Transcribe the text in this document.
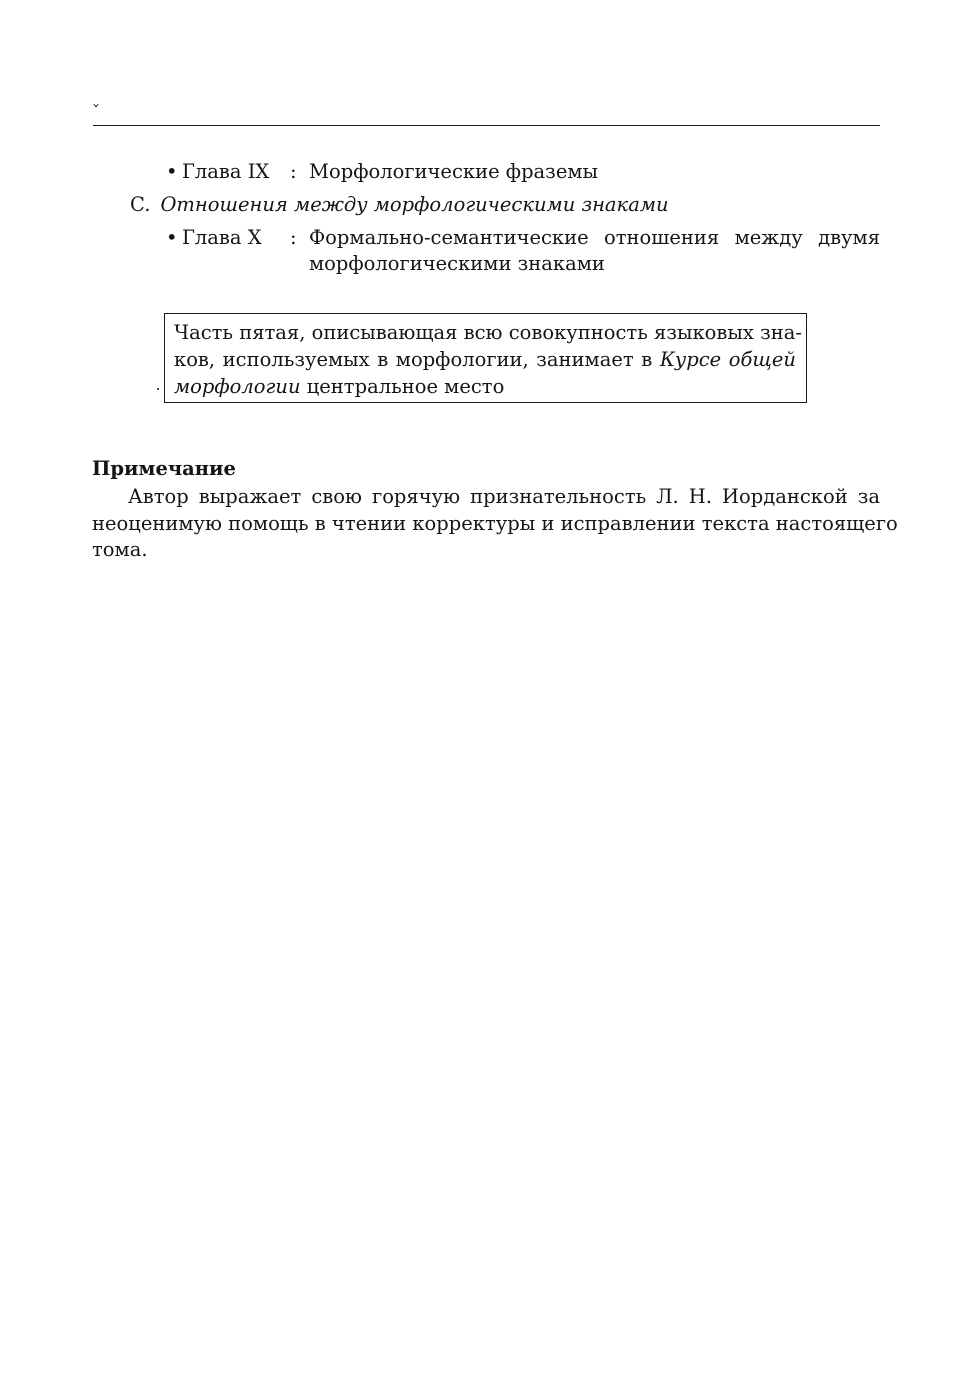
ˇ
• Глава IX : Морфологические фраземы
C. Отношения между морфологическими знаками
• Глава X : Формально-семантические отношения между двумя
морфологическими знаками
Часть пятая, описывающая всю совокупность языковых зна-
ков, используемых в морфологии, занимает в Курсе общей
морфологии центральное место
Примечание
Автор выражает свою горячую признательность Л. Н. Иорданской за
неоценимую помощь в чтении корректуры и исправлении текста настоящего
тома.
